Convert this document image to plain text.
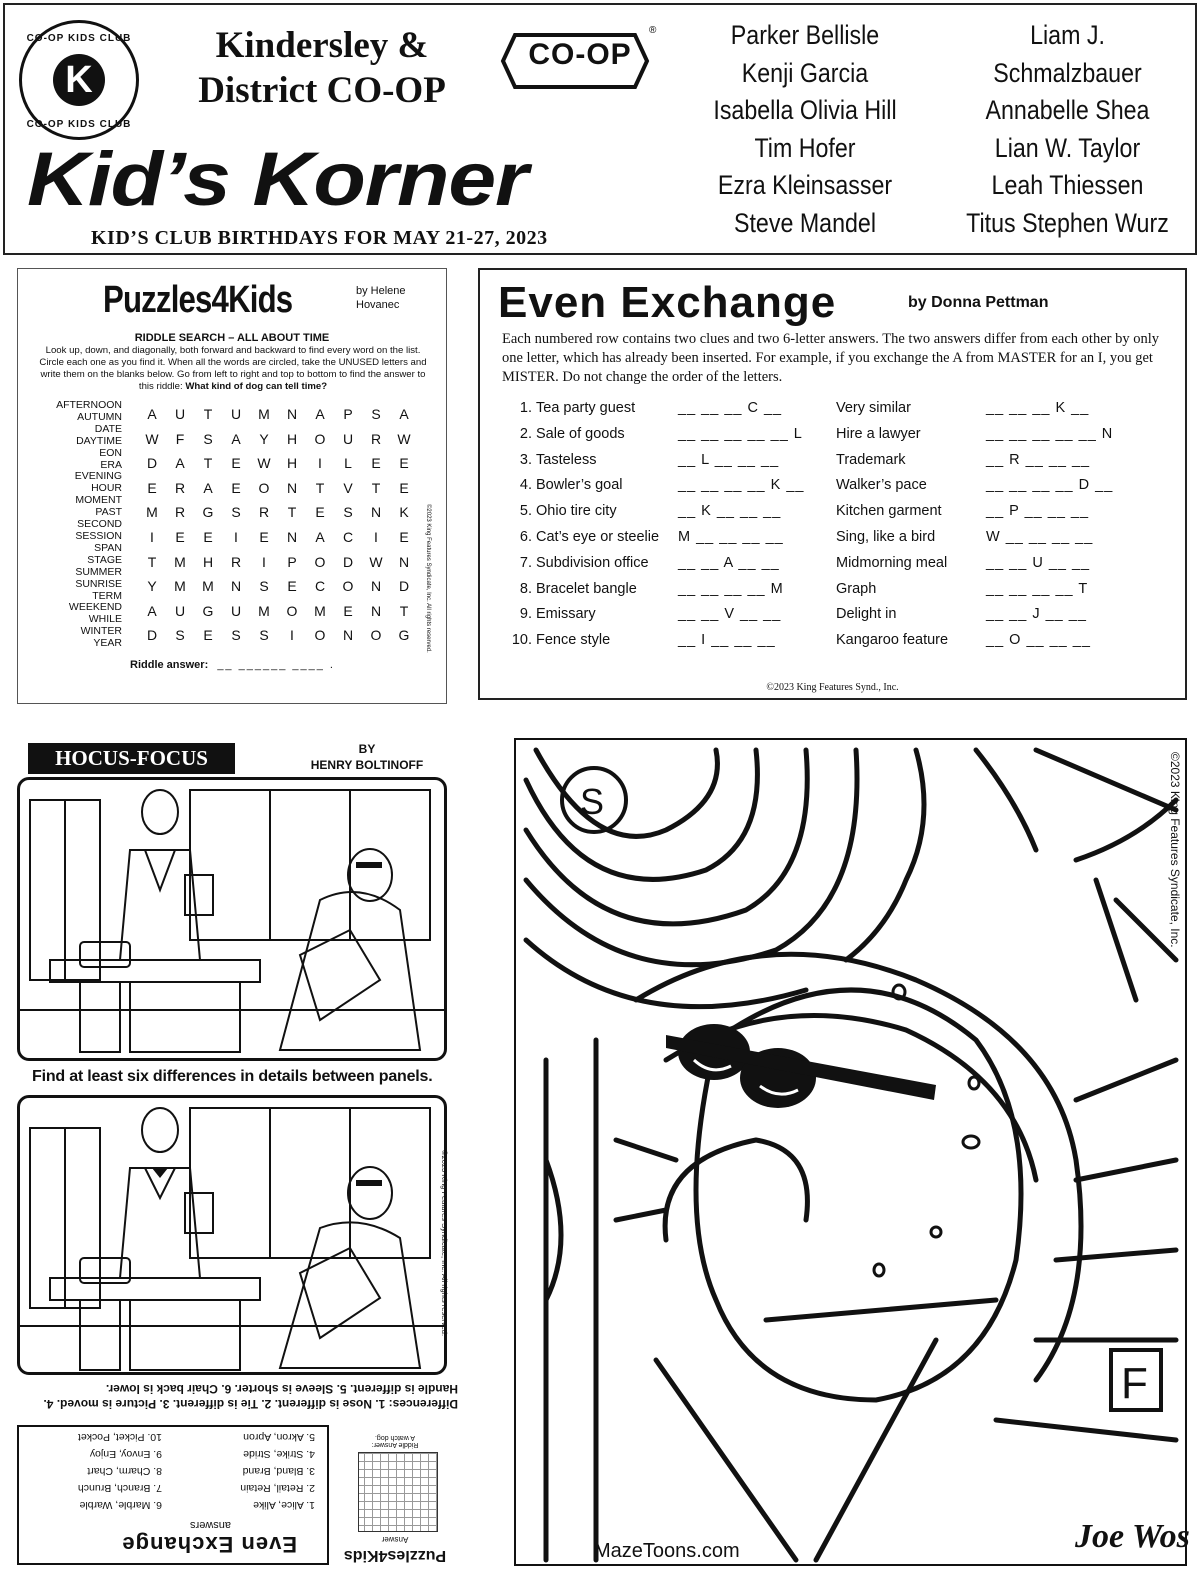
CO-OP KIDS CLUB
K
CO-OP KIDS CLUB
Kindersley &
District CO-OP
®
CO-OP
Kid’s Korner
KID’S CLUB BIRTHDAYS FOR MAY 21-27, 2023
Parker Bellisle
Kenji Garcia
Isabella Olivia Hill
Tim Hofer
Ezra Kleinsasser
Steve Mandel
Liam J. Schmalzbauer
Annabelle Shea
Lian W. Taylor
Leah Thiessen
Titus Stephen Wurz
Puzzles4Kids	by Helene
Hovanec
RIDDLE SEARCH – ALL ABOUT TIME
Look up, down, and diagonally, both forward and backward to find every word on the list. Circle each one as you find it. When all the words are circled, take the UNUSED letters and write them on the blanks below. Go from left to right and top to bottom to find the answer to this riddle: What kind of dog can tell time?
AFTERNOON
AUTUMN
DATE
DAYTIME
EON
ERA
EVENING
HOUR
MOMENT
PAST
SECOND
SESSION
SPAN
STAGE
SUMMER
SUNRISE
TERM
WEEKEND
WHILE
WINTER
YEAR
A	U	T	U	M	N	A	P	S	A
W	F	S	A	Y	H	O	U	R	W
D	A	T	E	W	H	I	L	E	E
E	R	A	E	O	N	T	V	T	E
M	R	G	S	R	T	E	S	N	K
I	E	E	I	E	N	A	C	I	E
T	M	H	R	I	P	O	D	W	N
Y	M	M	N	S	E	C	O	N	D
A	U	G	U	M	O	M	E	N	T
D	S	E	S	S	I	O	N	O	G	©2023 King Features Syndicate, Inc. All rights reserved.
Riddle answer: __ ______ ____ .
Even Exchange	by Donna Pettman
Each numbered row contains two clues and two 6-letter answers. The two answers differ from each other by only one letter, which has already been inserted. For example, if you exchange the A from MASTER for an I, you get MISTER. Do not change the order of the letters.
1. Tea party guest	__ __ __ C __	Very similar	__ __ __ K __
2. Sale of goods	__ __ __ __ __ L Hire a lawyer	__ __ __ __ __ N
3. Tasteless	__ L __ __ __	Trademark	__ R __ __ __
4. Bowler’s goal	__ __ __ __ K __ Walker’s pace	__ __ __ __ D __
5. Ohio tire city	__ K __ __ __	Kitchen garment	__ P __ __ __
6. Cat’s eye or steelie M __ __ __ __	Sing, like a bird	W __ __ __ __
7. Subdivision office __ __ A __ __	Midmorning meal	__ __ U __ __
8. Bracelet bangle	__ __ __ __ M	Graph	__ __ __ __ T
9. Emissary	__ __ V __ __	Delight in	__ __ J __ __
10. Fence style	__ I __ __ __	Kangaroo feature	__ O __ __ __
©2023 King Features Synd., Inc.
HOCUS-FOCUS	BY
HENRY BOLTINOFF
Find at least six differences in details between panels.
©2023 King Features Syndicate, Inc. All rights reserved.
Differences: 1. Nose is different. 2. Tie is different. 3. Picture is moved. 4. Handle is different. 5. Sleeve is shorter. 6. Chair back is lower.
Even Exchange
answers
1. Alice, Alike
2. Retail, Retain
3. Bland, Brand
4. Strike, Stride
5. Akron, Apron
6. Marble, Warble
7. Branch, Brunch
8. Charm, Chart
9. Envoy, Enjoy
10. Picket, Pocket
Puzzles4Kids
Answer
Riddle Answer:
A watch dog.
S
F
©2023 King Features Syndicate, Inc.
MazeToons.com	Joe Wos
